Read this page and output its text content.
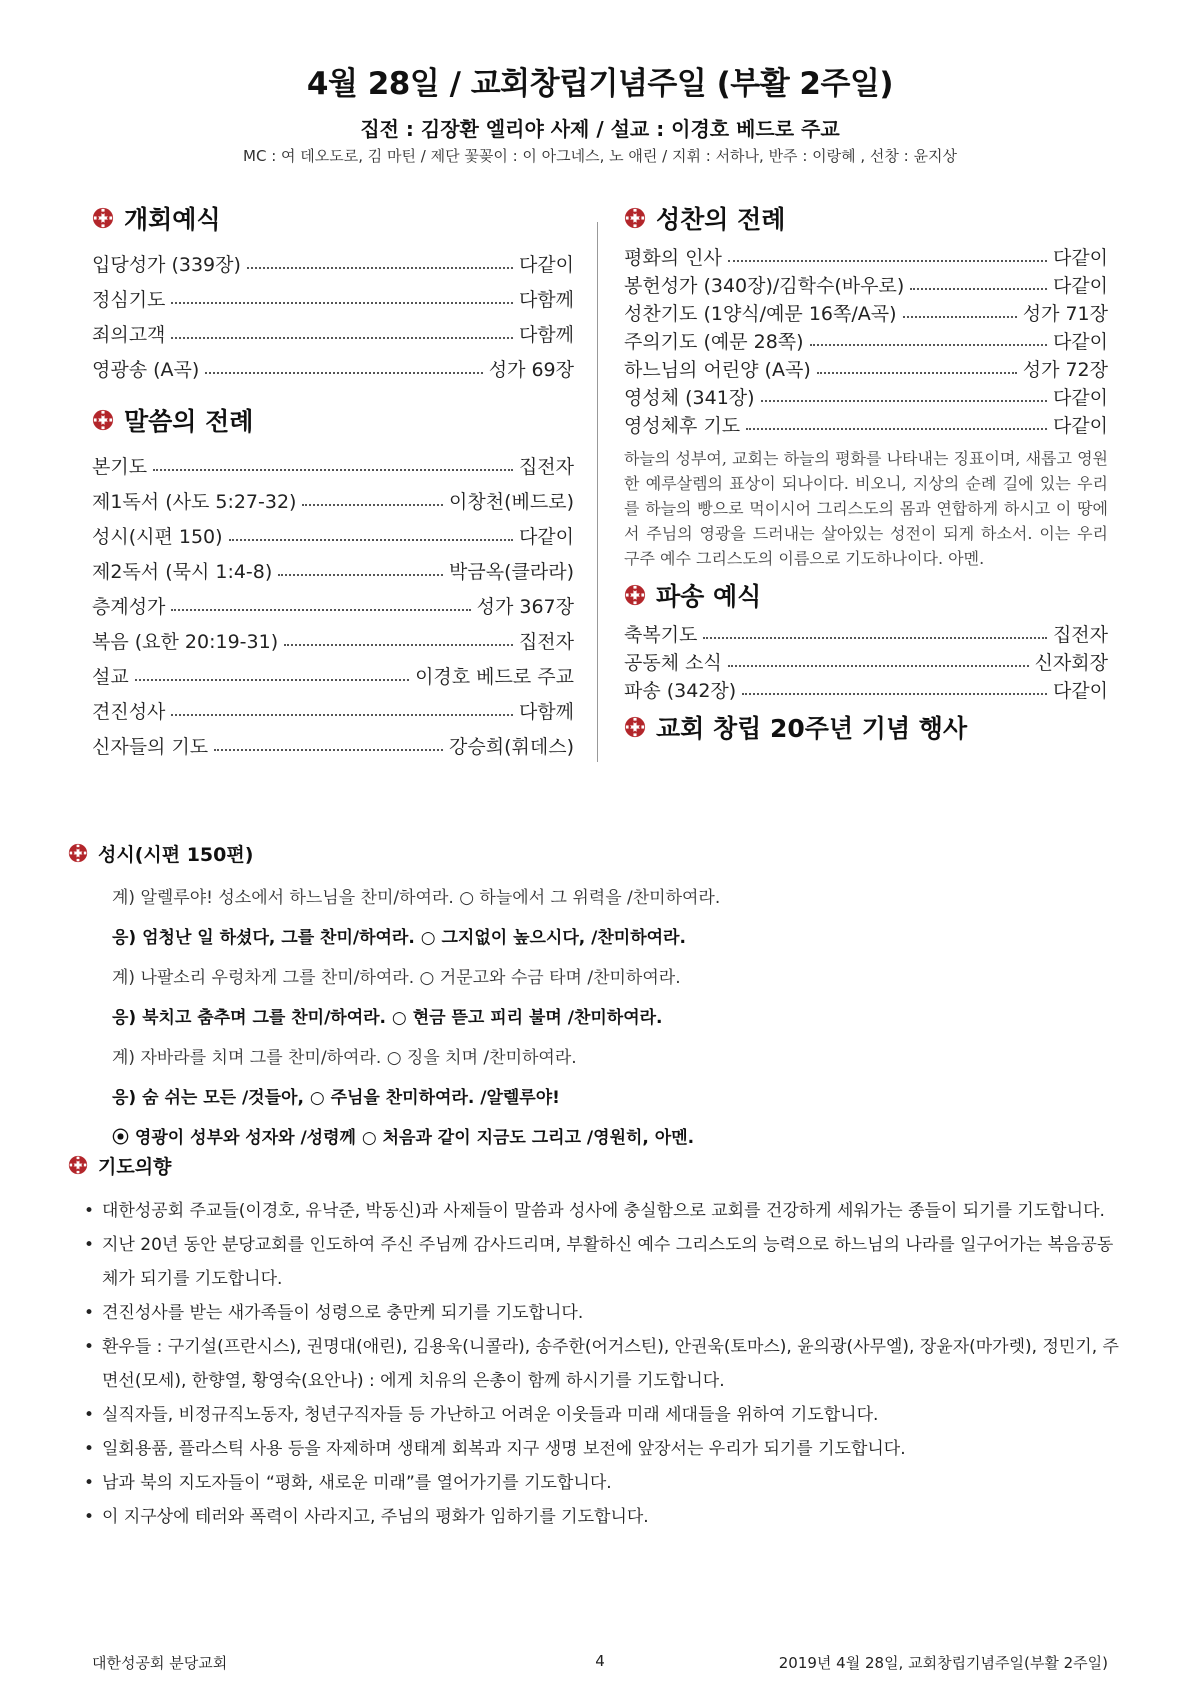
4월 28일 / 교회창립기념주일 (부활 2주일)
집전 : 김장환 엘리야 사제 / 설교 : 이경호 베드로 주교
MC : 여 데오도로, 김 마틴 / 제단 꽃꽂이 : 이 아그네스, 노 애린 / 지휘 : 서하나, 반주 : 이랑혜 , 선창 : 윤지상
개회예식
입당성가 (339장)	다같이
정심기도	다함께
죄의고객	다함께
영광송 (A곡)	성가 69장
말씀의 전례
본기도	집전자
제1독서 (사도 5:27-32)	이창천(베드로)
성시(시편 150)	다같이
제2독서 (묵시 1:4-8)	박금옥(클라라)
층계성가	성가 367장
복음 (요한 20:19-31)	집전자
설교	이경호 베드로 주교
견진성사	다함께
신자들의 기도	강승희(휘데스)
성찬의 전례
평화의 인사	다같이
봉헌성가 (340장)/김학수(바우로)	다같이
성찬기도 (1양식/예문 16쪽/A곡)	성가 71장
주의기도 (예문 28쪽)	다같이
하느님의 어린양 (A곡)	성가 72장
영성체 (341장)	다같이
영성체후 기도	다같이
하늘의 성부여, 교회는 하늘의 평화를 나타내는 징표이며, 새롭고 영원한 예루살렘의 표상이 되나이다. 비오니, 지상의 순례 길에 있는 우리를 하늘의 빵으로 먹이시어 그리스도의 몸과 연합하게 하시고 이 땅에서 주님의 영광을 드러내는 살아있는 성전이 되게 하소서. 이는 우리 구주 예수 그리스도의 이름으로 기도하나이다. 아멘.
파송 예식
축복기도	집전자
공동체 소식	신자회장
파송 (342장)	다같이
교회 창립 20주년 기념 행사
성시(시편 150편)
계) 알렐루야! 성소에서 하느님을 찬미/하여라. ○ 하늘에서 그 위력을 /찬미하여라.
응) 엄청난 일 하셨다, 그를 찬미/하여라. ○ 그지없이 높으시다, /찬미하여라.
계) 나팔소리 우렁차게 그를 찬미/하여라. ○ 거문고와 수금 타며 /찬미하여라.
응) 북치고 춤추며 그를 찬미/하여라. ○ 현금 뜯고 피리 불며 /찬미하여라.
계) 자바라를 치며 그를 찬미/하여라. ○ 징을 치며 /찬미하여라.
응) 숨 쉬는 모든 /것들아, ○ 주님을 찬미하여라. /알렐루야!
⦿ 영광이 성부와 성자와 /성령께 ○ 처음과 같이 지금도 그리고 /영원히, 아멘.
기도의향
• 대한성공회 주교들(이경호, 유낙준, 박동신)과 사제들이 말씀과 성사에 충실함으로 교회를 건강하게 세워가는 종들이 되기를 기도합니다.
• 지난 20년 동안 분당교회를 인도하여 주신 주님께 감사드리며, 부활하신 예수 그리스도의 능력으로 하느님의 나라를 일구어가는 복음공동체가 되기를 기도합니다.
• 견진성사를 받는 새가족들이 성령으로 충만케 되기를 기도합니다.
• 환우들 : 구기설(프란시스), 권명대(애린), 김용욱(니콜라), 송주한(어거스틴), 안권욱(토마스), 윤의광(사무엘), 장윤자(마가렛), 정민기, 주면선(모세), 한향열, 황영숙(요안나) : 에게 치유의 은총이 함께 하시기를 기도합니다.
• 실직자들, 비정규직노동자, 청년구직자들 등 가난하고 어려운 이웃들과 미래 세대들을 위하여 기도합니다.
• 일회용품, 플라스틱 사용 등을 자제하며 생태계 회복과 지구 생명 보전에 앞장서는 우리가 되기를 기도합니다.
• 남과 북의 지도자들이 “평화, 새로운 미래”를 열어가기를 기도합니다.
• 이 지구상에 테러와 폭력이 사라지고, 주님의 평화가 임하기를 기도합니다.
대한성공회 분당교회	4	2019년 4월 28일, 교회창립기념주일(부활 2주일)
